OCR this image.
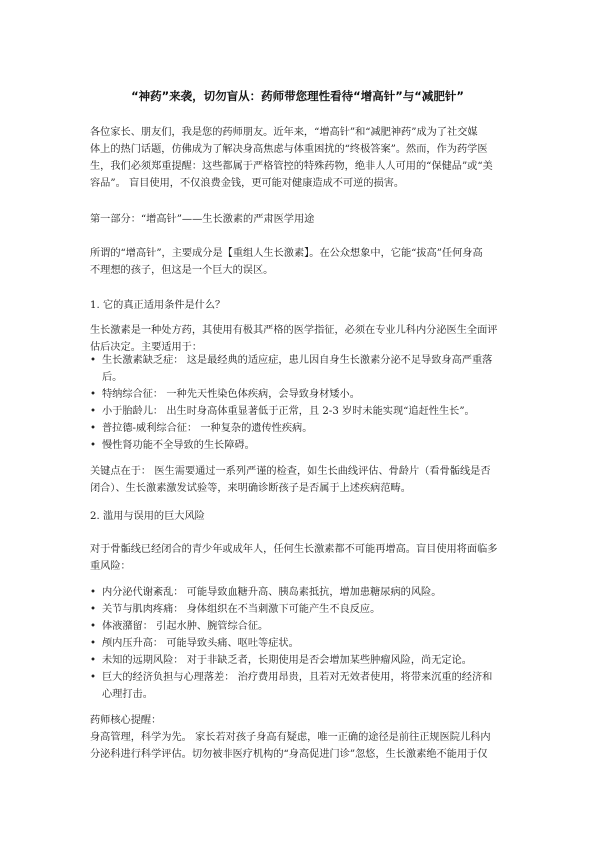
“神药”来袭，切勿盲从：药师带您理性看待“增高针”与“减肥针”
各位家长、朋友们，我是您的药师朋友。近年来，“增高针”和“减肥神药”成为了社交媒
体上的热门话题，仿佛成为了解决身高焦虑与体重困扰的“终极答案”。然而，作为药学医
生，我们必须郑重提醒：这些都属于严格管控的特殊药物，绝非人人可用的“保健品”或“美
容品”。 盲目使用，不仅浪费金钱，更可能对健康造成不可逆的损害。
第一部分：“增高针”——生长激素的严肃医学用途
所谓的“增高针”，主要成分是【重组人生长激素】。在公众想象中，它能“拔高”任何身高
不理想的孩子，但这是一个巨大的误区。
1. 它的真正适用条件是什么？
生长激素是一种处方药，其使用有极其严格的医学指征，必须在专业儿科内分泌医生全面评
估后决定。主要适用于：
• 生长激素缺乏症： 这是最经典的适应症，患儿因自身生长激素分泌不足导致身高严重落
后。
• 特纳综合征： 一种先天性染色体疾病，会导致身材矮小。
• 小于胎龄儿： 出生时身高体重显著低于正常，且 2-3 岁时未能实现“追赶性生长”。
• 普拉德-威利综合征： 一种复杂的遗传性疾病。
• 慢性肾功能不全导致的生长障碍。
关键点在于： 医生需要通过一系列严谨的检查，如生长曲线评估、骨龄片（看骨骺线是否
闭合）、生长激素激发试验等，来明确诊断孩子是否属于上述疾病范畴。
2. 滥用与误用的巨大风险
对于骨骺线已经闭合的青少年或成年人，任何生长激素都不可能再增高。盲目使用将面临多
重风险：
• 内分泌代谢紊乱： 可能导致血糖升高、胰岛素抵抗，增加患糖尿病的风险。
• 关节与肌肉疼痛： 身体组织在不当刺激下可能产生不良反应。
• 体液潴留： 引起水肿、腕管综合征。
• 颅内压升高： 可能导致头痛、呕吐等症状。
• 未知的远期风险： 对于非缺乏者，长期使用是否会增加某些肿瘤风险，尚无定论。
• 巨大的经济负担与心理落差： 治疗费用昂贵，且若对无效者使用，将带来沉重的经济和
心理打击。
药师核心提醒：
身高管理，科学为先。 家长若对孩子身高有疑虑，唯一正确的途径是前往正规医院儿科内
分泌科进行科学评估。切勿被非医疗机构的“身高促进门诊”忽悠，生长激素绝不能用于仅
